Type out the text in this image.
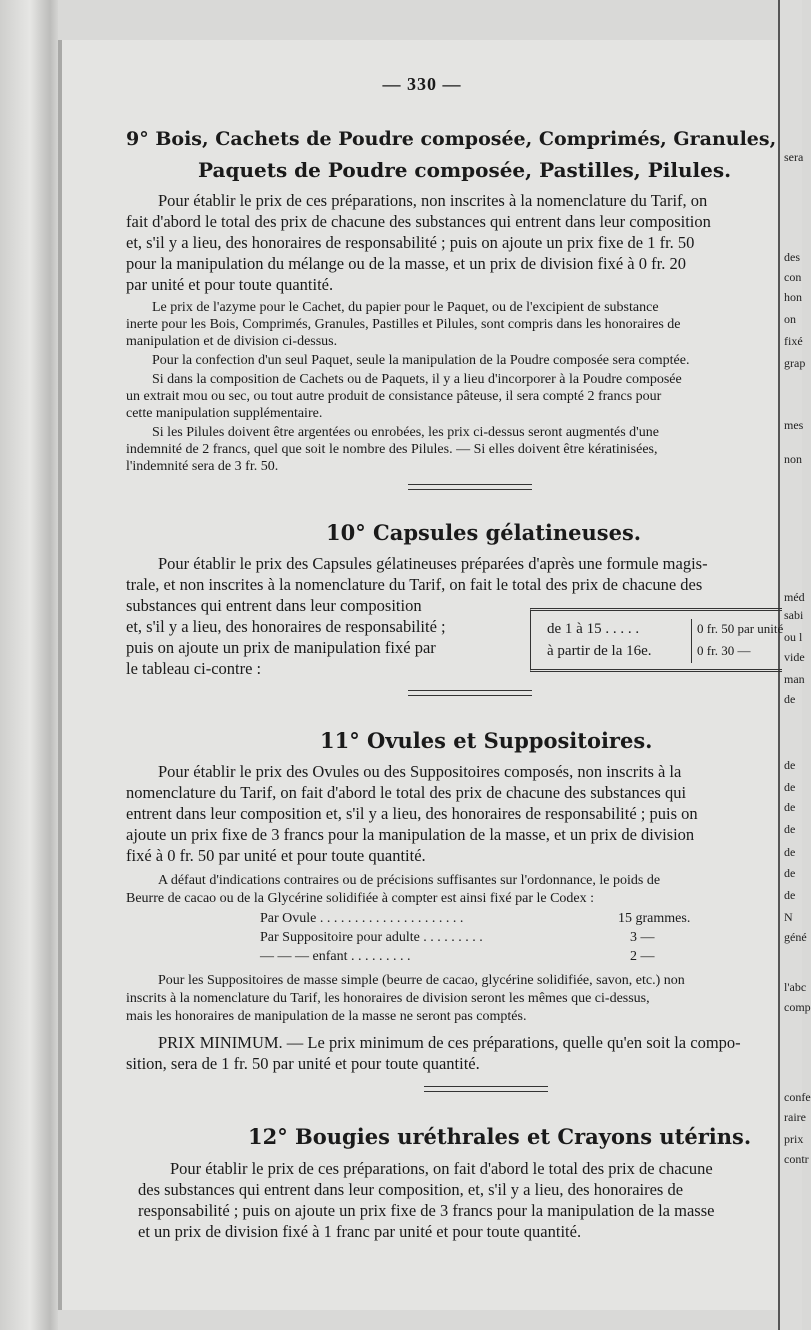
sera
des
con
hon
on
fixé
grap
mes
non
méd
sabi
ou l
vide
man
de
de
de
de
de
de
de
de
N
géné
l'abc
comp
confe
raire
prix
contr
— 330 —
9° Bois, Cachets de Poudre composée, Comprimés, Granules,
Paquets de Poudre composée, Pastilles, Pilules.

Pour établir le prix de ces préparations, non inscrites à la nomenclature du Tarif, on

fait d'abord le total des prix de chacune des substances qui entrent dans leur composition

et, s'il y a lieu, des honoraires de responsabilité ; puis on ajoute un prix fixe de 1 fr. 50

pour la manipulation du mélange ou de la masse, et un prix de division fixé à 0 fr. 20

par unité et pour toute quantité.

Le prix de l'azyme pour le Cachet, du papier pour le Paquet, ou de l'excipient de substance

inerte pour les Bois, Comprimés, Granules, Pastilles et Pilules, sont compris dans les honoraires de

manipulation et de division ci-dessus.

Pour la confection d'un seul Paquet, seule la manipulation de la Poudre composée sera comptée.

Si dans la composition de Cachets ou de Paquets, il y a lieu d'incorporer à la Poudre composée

un extrait mou ou sec, ou tout autre produit de consistance pâteuse, il sera compté 2 francs pour

cette manipulation supplémentaire.

Si les Pilules doivent être argentées ou enrobées, les prix ci-dessus seront augmentés d'une

indemnité de 2 francs, quel que soit le nombre des Pilules. — Si elles doivent être kératinisées,

l'indemnité sera de 3 fr. 50.

10° Capsules gélatineuses.

Pour établir le prix des Capsules gélatineuses préparées d'après une formule magis-

trale, et non inscrites à la nomenclature du Tarif, on fait le total des prix de chacune des

substances qui entrent dans leur composition

et, s'il y a lieu, des honoraires de responsabilité ;

puis on ajoute un prix de manipulation fixé par

le tableau ci-contre :

de 1 à 15 . . . . .	0 fr. 50 par unité
à partir de la 16e.	0 fr. 30 —
11° Ovules et Suppositoires.

Pour établir le prix des Ovules ou des Suppositoires composés, non inscrits à la

nomenclature du Tarif, on fait d'abord le total des prix de chacune des substances qui

entrent dans leur composition et, s'il y a lieu, des honoraires de responsabilité ; puis on

ajoute un prix fixe de 3 francs pour la manipulation de la masse, et un prix de division

fixé à 0 fr. 50 par unité et pour toute quantité.

A défaut d'indications contraires ou de précisions suffisantes sur l'ordonnance, le poids de

Beurre de cacao ou de la Glycérine solidifiée à compter est ainsi fixé par le Codex :

Par Ovule . . . . . . . . . . . . . . . . . . . . .	15 grammes.

Par Suppositoire pour adulte . . . . . . . . .	3 —

— — — enfant . . . . . . . . .	2 —

Pour les Suppositoires de masse simple (beurre de cacao, glycérine solidifiée, savon, etc.) non

inscrits à la nomenclature du Tarif, les honoraires de division seront les mêmes que ci-dessus,

mais les honoraires de manipulation de la masse ne seront pas comptés.

PRIX MINIMUM. — Le prix minimum de ces préparations, quelle qu'en soit la compo-

sition, sera de 1 fr. 50 par unité et pour toute quantité.

12° Bougies uréthrales et Crayons utérins.

Pour établir le prix de ces préparations, on fait d'abord le total des prix de chacune

des substances qui entrent dans leur composition, et, s'il y a lieu, des honoraires de

responsabilité ; puis on ajoute un prix fixe de 3 francs pour la manipulation de la masse

et un prix de division fixé à 1 franc par unité et pour toute quantité.
